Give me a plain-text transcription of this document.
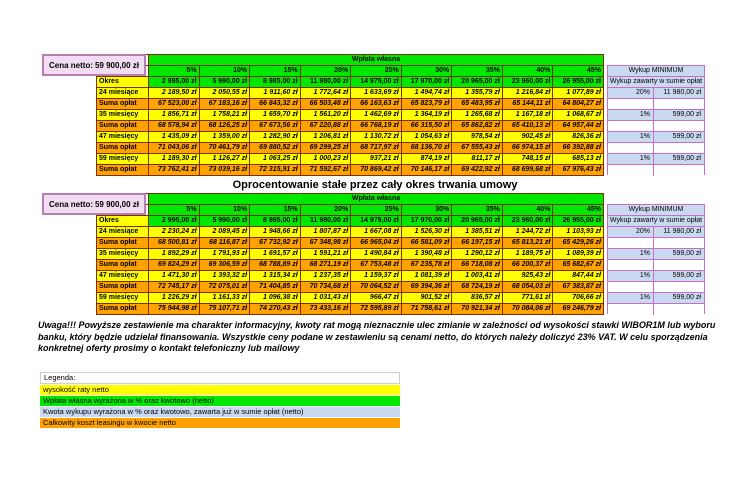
	Wpłata własna								
	5%	10%	15%	20%	25%	30%	35%	40%	45%
Okres	2 995,00 zł	5 990,00 zł	8 985,00 zł	11 980,00 zł	14 975,00 zł	17 970,00 zł	20 965,00 zł	23 960,00 zł	26 955,00 zł
24 miesiące	2 189,50 zł	2 050,55 zł	1 911,60 zł	1 772,64 zł	1 633,69 zł	1 494,74 zł	1 355,79 zł	1 216,84 zł	1 077,89 zł
Suma opłat	67 523,00 zł	67 183,16 zł	66 843,32 zł	66 503,48 zł	66 163,63 zł	65 823,79 zł	65 483,95 zł	65 144,11 zł	64 804,27 zł
35 miesięcy	1 856,71 zł	1 758,21 zł	1 659,70 zł	1 561,20 zł	1 462,69 zł	1 364,19 zł	1 265,68 zł	1 167,18 zł	1 068,67 zł
Suma opłat	68 578,94 zł	68 126,25 zł	67 673,56 zł	67 220,88 zł	66 768,19 zł	66 315,50 zł	65 862,82 zł	65 410,13 zł	64 957,44 zł
47 miesięcy	1 435,09 zł	1 359,00 zł	1 282,90 zł	1 206,81 zł	1 130,72 zł	1 054,63 zł	978,54 zł	902,45 zł	826,36 zł
Suma opłat	71 043,06 zł	70 461,79 zł	69 880,52 zł	69 299,25 zł	68 717,97 zł	68 136,70 zł	67 555,43 zł	66 974,15 zł	66 392,88 zł
59 miesięcy	1 189,30 zł	1 126,27 zł	1 063,25 zł	1 000,23 zł	937,21 zł	874,19 zł	811,17 zł	748,15 zł	685,13 zł
Suma opłat	73 762,41 zł	73 039,16 zł	72 315,91 zł	71 592,67 zł	70 869,42 zł	70 146,17 zł	69 422,92 zł	68 699,68 zł	67 976,43 zł
Cena netto: 59 900,00 zł
Wykup MINIMUM
Wykup zawarty w sumie opłat
20%	11 980,00 zł
1%	599,00 zł
1%	599,00 zł
1%	599,00 zł
Oprocentowanie stałe przez cały okres trwania umowy
	Wpłata własna								
	5%	10%	15%	20%	25%	30%	35%	40%	45%
Okres	2 995,00 zł	5 990,00 zł	8 985,00 zł	11 980,00 zł	14 975,00 zł	17 970,00 zł	20 965,00 zł	23 960,00 zł	26 955,00 zł
24 miesiące	2 230,24 zł	2 089,45 zł	1 948,66 zł	1 807,87 zł	1 667,08 zł	1 526,30 zł	1 385,51 zł	1 244,72 zł	1 103,93 zł
Suma opłat	68 500,81 zł	68 116,87 zł	67 732,92 zł	67 348,98 zł	66 965,04 zł	66 581,09 zł	66 197,15 zł	65 813,21 zł	65 429,26 zł
35 miesięcy	1 892,29 zł	1 791,93 zł	1 691,57 zł	1 591,21 zł	1 490,84 zł	1 390,48 zł	1 290,12 zł	1 189,75 zł	1 089,39 zł
Suma opłat	69 824,29 zł	69 306,59 zł	68 788,89 zł	68 271,19 zł	67 753,48 zł	67 235,78 zł	66 718,08 zł	66 200,37 zł	65 682,67 zł
47 miesięcy	1 471,30 zł	1 393,32 zł	1 315,34 zł	1 237,35 zł	1 159,37 zł	1 081,39 zł	1 003,41 zł	925,43 zł	847,44 zł
Suma opłat	72 745,17 zł	72 075,01 zł	71 404,85 zł	70 734,68 zł	70 064,52 zł	69 394,36 zł	68 724,19 zł	68 054,03 zł	67 383,87 zł
59 miesięcy	1 226,29 zł	1 161,33 zł	1 096,38 zł	1 031,43 zł	966,47 zł	901,52 zł	836,57 zł	771,61 zł	706,66 zł
Suma opłat	75 944,98 zł	75 107,71 zł	74 270,43 zł	73 433,16 zł	72 595,89 zł	71 758,61 zł	70 921,34 zł	70 084,06 zł	69 246,79 zł
Cena netto: 59 900,00 zł
Wykup MINIMUM
Wykup zawarty w sumie opłat
20%	11 980,00 zł
1%	599,00 zł
1%	599,00 zł
1%	599,00 zł
Uwaga!!! Powyższe zestawienie ma charakter informacyjny, kwoty rat mogą nieznacznie ulec zmianie w zależności od wysokości stawki WIBOR1M lub wyboru banku, który będzie udzielał finansowania. Wszystkie ceny podane w zestawieniu są cenami netto, do których należy doliczyć 23% VAT. W celu sporządzenia konkretnej oferty prosimy o kontakt telefoniczny lub mailowy
Legenda:
wysokość raty netto
Wpłata własna wyrażona w % oraz kwotowo (netto)
Kwota wykupu wyrażona w % oraz kwotowo, zawarta już w sumie opłat (netto)
Całkowity koszt leasingu w kwocie netto
